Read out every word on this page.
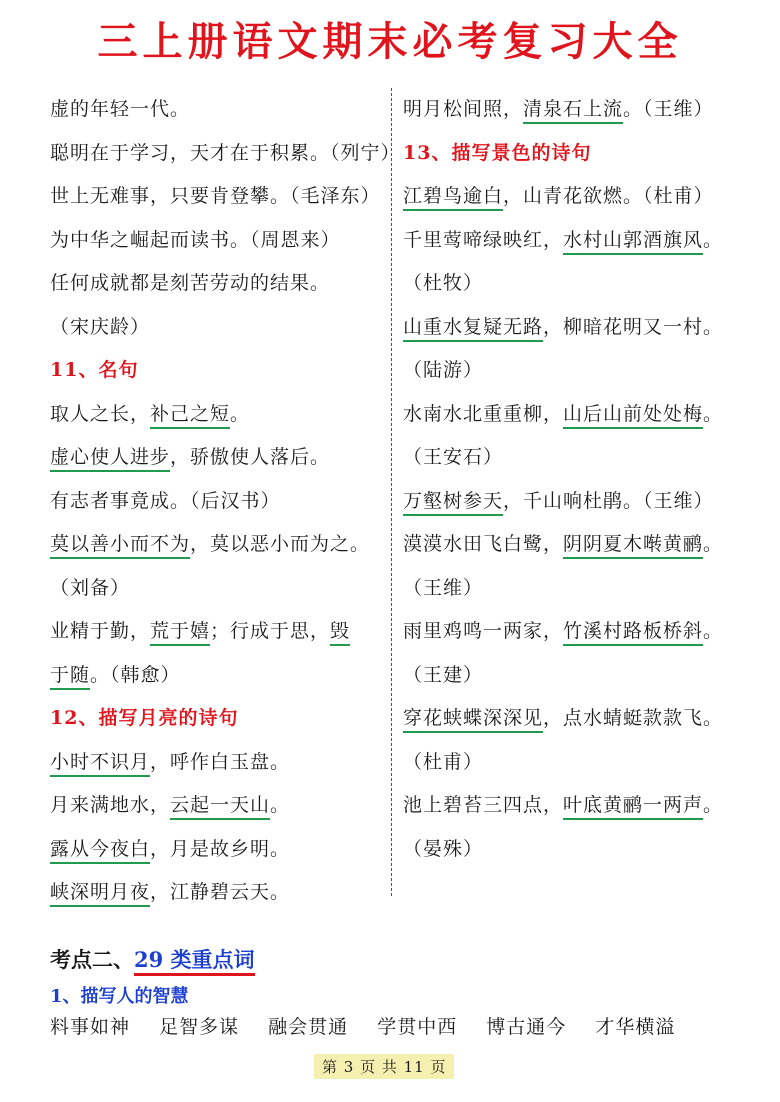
三上册语文期末必考复习大全
虚的年轻一代。
聪明在于学习，天才在于积累。（列宁）
世上无难事，只要肯登攀。（毛泽东）
为中华之崛起而读书。（周恩来）
任何成就都是刻苦劳动的结果。
（宋庆龄）
11、名句
取人之长，补己之短。
虚心使人进步，骄傲使人落后。
有志者事竟成。（后汉书）
莫以善小而不为，莫以恶小而为之。
（刘备）
业精于勤，荒于嬉；行成于思，毁
于随。（韩愈）
12、描写月亮的诗句
小时不识月，呼作白玉盘。
月来满地水，云起一天山。
露从今夜白，月是故乡明。
峡深明月夜，江静碧云天。
明月松间照，清泉石上流。（王维）
13、描写景色的诗句
江碧鸟逾白，山青花欲燃。（杜甫）
千里莺啼绿映红，水村山郭酒旗风。
（杜牧）
山重水复疑无路，柳暗花明又一村。
（陆游）
水南水北重重柳，山后山前处处梅。
（王安石）
万壑树参天，千山响杜鹃。（王维）
漠漠水田飞白鹭，阴阴夏木啭黄鹂。
（王维）
雨里鸡鸣一两家，竹溪村路板桥斜。
（王建）
穿花蛱蝶深深见，点水蜻蜓款款飞。
（杜甫）
池上碧苔三四点，叶底黄鹂一两声。
（晏殊）
考点二、29 类重点词
1、描写人的智慧
料事如神 足智多谋 融会贯通 学贯中西 博古通今 才华横溢
第 3 页 共 11 页
